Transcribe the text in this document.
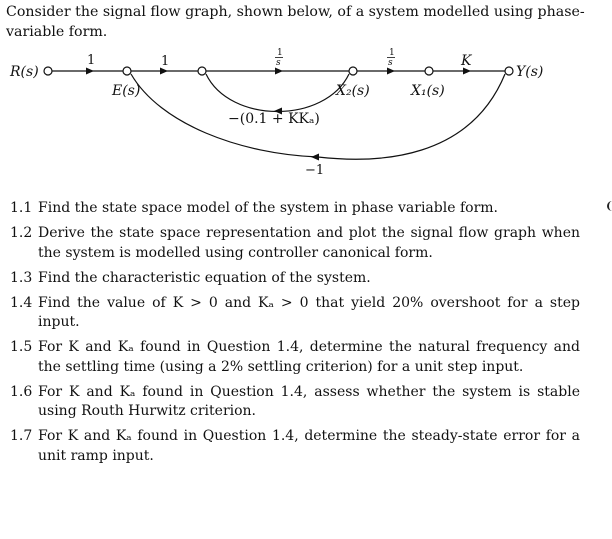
Consider the signal flow graph, shown below, of a system modelled using phase-variable form.

R(s)	Y(s)
E(s)	X₂(s)	X₁(s)
1	1
1
s
1
s	K
−(0.1 + KKₐ)
−1
1.1 Find the state space model of the system in phase variable form.
1.2 Derive the state space representation and plot the signal flow graph when the system is modelled using controller canonical form.
1.3 Find the characteristic equation of the system.
1.4 Find the value of K > 0 and Kₐ > 0 that yield 20% overshoot for a step input.
1.5 For K and Kₐ found in Question 1.4, determine the natural frequency and the settling time (using a 2% settling criterion) for a unit step input.
1.6 For K and Kₐ found in Question 1.4, assess whether the system is stable using Routh Hurwitz criterion.
1.7 For K and Kₐ found in Question 1.4, determine the steady-state error for a unit ramp input.
